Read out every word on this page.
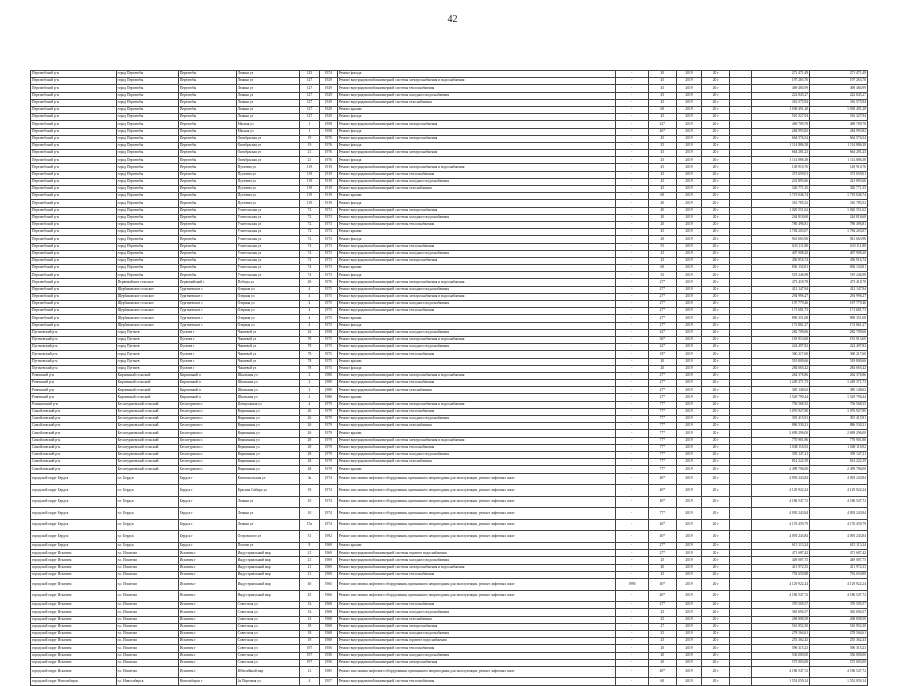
42
Перелюбский р-н	город Перелюбы	Перелюбы	Ленина ул	125	1974	Ремонт фасада	-	20	2019	20 г		271 471,49	271 471,49
Перелюбский р-н	город Перелюбы	Перелюбы	Ленина ул	127	1929	Ремонт внутридомовой инженерной системы электроснабжения и водоснабжения	-	45	2019	20 г		197 263,76	197 263,76
Перелюбский р-н	город Перелюбы	Перелюбы	Ленина ул	127	1929	Ремонт внутридомовой инженерной системы теплоснабжения	-	45	2019	20 г		469 484,99	469 484,99
Перелюбский р-н	город Перелюбы	Перелюбы	Ленина ул	127	1929	Ремонт внутридомовой инженерной системы холодного водоснабжения	-	45	2019	20 г		222 845,27	222 845,27
Перелюбский р-н	город Перелюбы	Перелюбы	Ленина ул	127	1929	Ремонт внутридомовой инженерной системы газоснабжения	-	45	2019	20 г		316 575,94	316 575,94
Перелюбский р-н	город Перелюбы	Перелюбы	Ленина ул	127	1929	Ремонт крыши	-	60	2019	20 г		1 038 491,28	1 038 491,28
Перелюбский р-н	город Перелюбы	Перелюбы	Ленина ул	127	1929	Ремонт фасада	-	45	2019	20 г		516 327,94	516 327,94
Перелюбский р-н	город Перелюбы	Перелюбы	Мясная ул	1	1958	Ремонт внутридомовой инженерной системы электроснабжения	-	22*	2019	20 г		469 709,78	469 709,78
Перелюбский р-н	город Перелюбы	Перелюбы	Мясная ул	1	1958	Ремонт фасада	-	46*	2019	20 г		284 993,82	284 993,82
Перелюбский р-н	город Перелюбы	Перелюбы	Октябрьская ул	19	1976	Ремонт внутридомовой инженерной системы электроснабжения	-	45	2019	20 г		664 576,54	664 576,54
Перелюбский р-н	город Перелюбы	Перелюбы	Октябрьская ул	19	1976	Ремонт фасада	-	25	2019	20 г		1 114 886,38	1 114 886,38
Перелюбский р-н	город Перелюбы	Перелюбы	Октябрьская ул	21	1976	Ремонт внутридомовой инженерной системы электроснабжения	-	45	2019	20 г		664 281,23	664 281,23
Перелюбский р-н	город Перелюбы	Перелюбы	Октябрьская ул	21	1976	Ремонт фасада	-	25	2019	20 г		1 114 886,38	1 114 886,38
Перелюбский р-н	город Перелюбы	Перелюбы	Пугачева ул	119	1919	Ремонт внутридомовой инженерной системы электроснабжения и водоснабжения	-	45	2019	20 г		149 910,76	149 910,76
Перелюбский р-н	город Перелюбы	Перелюбы	Пугачева ул	119	1919	Ремонт внутридомовой инженерной системы теплоснабжения	-	45	2019	20 г		373 659,01	373 659,01
Перелюбский р-н	город Перелюбы	Перелюбы	Пугачева ул	119	1919	Ремонт внутридомовой инженерной системы холодного водоснабжения	-	45	2019	20 г		241 893,66	241 893,66
Перелюбский р-н	город Перелюбы	Перелюбы	Пугачева ул	119	1919	Ремонт внутридомовой инженерной системы газоснабжения	-	45	2019	20 г		326 771,35	326 771,35
Перелюбский р-н	город Перелюбы	Перелюбы	Пугачева ул	119	1919	Ремонт крыши	-	60	2019	20 г		1 719 046,74	1 719 046,74
Перелюбский р-н	город Перелюбы	Перелюбы	Пугачева ул	119	1919	Ремонт фасада	-	40	2019	20 г		316 785,52	316 785,52
Перелюбский р-н	город Перелюбы	Перелюбы	Учительская ул	72	1973	Ремонт внутридомовой инженерной системы электроснабжения	-	40	2019	20 г		1 020 551,62	1 020 551,62
Перелюбский р-н	город Перелюбы	Перелюбы	Учительская ул	72	1973	Ремонт внутридомовой инженерной системы холодного водоснабжения	-	20	2019	20 г		244 818,68	244 818,68
Перелюбский р-н	город Перелюбы	Перелюбы	Учительская ул	72	1973	Ремонт внутридомовой инженерной системы теплоснабжения	-	20	2019	20 г		780 496,81	780 496,81
Перелюбский р-н	город Перелюбы	Перелюбы	Учительская ул	72	1973	Ремонт крыши	-	45	2019	20 г		1 784 203,07	1 784 203,07
Перелюбский р-н	город Перелюбы	Перелюбы	Учительская ул	72	1973	Ремонт фасада	-	20	2019	20 г		941 663,96	941 663,96
Перелюбский р-н	город Перелюбы	Перелюбы	Учительская ул	74	1973	Ремонт внутридомовой инженерной системы теплоснабжения	-	55	2019	20 г		633 111,80	633 111,80
Перелюбский р-н	город Перелюбы	Перелюбы	Учительская ул	74	1973	Ремонт внутридомовой инженерной системы холодного водоснабжения	-	25	2019	20 г		407 908,20	407 908,20
Перелюбский р-н	город Перелюбы	Перелюбы	Учительская ул	74	1973	Ремонт внутридомовой инженерной системы электроснабжения	-	25	2019	20 г		456 916,74	456 916,74
Перелюбский р-н	город Перелюбы	Перелюбы	Учительская ул	74	1973	Ремонт крыши	-	60	2019	20 г		836 134,81	836 134,81
Перелюбский р-н	город Перелюбы	Перелюбы	Учительская ул	74	1973	Ремонт фасада	-	35	2019	20 г		519 246,98	519 246,98
Перелюбский р-н	Первомайское сельское	Первомайский с	Победы ул	20	1976	Ремонт внутридомовой инженерной системы электроснабжения и водоснабжения	-	27*	2019	20 г		473 418,78	473 418,78
Перелюбский р-н	Щербаковское сельское	Тургеневское с	Озерная ул	4	1975	Ремонт внутридомовой инженерной системы холодного водоснабжения	-	27*	2019	20 г		412 147,94	412 147,94
Перелюбский р-н	Щербаковское сельское	Тургеневское с	Озерная ул	4	1975	Ремонт внутридомовой инженерной системы электроснабжения и водоснабжения	-	27*	2019	20 г		294 996,27	294 996,27
Перелюбский р-н	Щербаковское сельское	Тургеневское с	Озерная ул	4	1975	Ремонт внутридомовой инженерной системы холодного водоснабжения	-	27*	2019	20 г		197 779,46	197 779,46
Перелюбский р-н	Щербаковское сельское	Тургеневское с	Озерная ул	4	1975	Ремонт внутридомовой инженерной системы теплоснабжения	-	27*	2019	20 г		171 681,73	171 681,73
Перелюбский р-н	Щербаковское сельское	Тургеневское с	Озерная ул	4	1975	Ремонт крыши	-	27*	2019	20 г		896 351,08	896 351,08
Перелюбский р-н	Щербаковское сельское	Тургеневское с	Озерная ул	4	1975	Ремонт фасада	-	27*	2019	20 г		172 861,27	172 861,27
Пугачевский р-н	город Пугачев	Пугачев г	Чапаевой ул	24	1958	Ремонт внутридомовой инженерной системы холодного водоснабжения	-	42*	2019	20 г		282 709,66	282 709,66
Пугачевский р-н	город Пугачев	Пугачев г	Чапаевой ул	78	1975	Ремонт внутридомовой инженерной системы электроснабжения и водоснабжения	-	36*	2019	20 г		181 913,60	181 913,60
Пугачевский р-н	город Пугачев	Пугачев г	Чапаевой ул	78	1975	Ремонт внутридомовой инженерной системы холодного водоснабжения	-	22*	2019	20 г		224 497,82	224 497,82
Пугачевский р-н	город Пугачев	Пугачев г	Чапаевой ул	78	1975	Ремонт внутридомовой инженерной системы теплоснабжения	-	18*	2019	20 г		360 217,60	360 217,60
Пугачевский р-н	город Пугачев	Пугачев г	Чапаевой ул	78	1975	Ремонт крыши	-	20	2019	20 г		519 800,66	519 800,66
Пугачевский р-н	город Пугачев	Пугачев г	Чапаевой ул	78	1975	Ремонт фасада	-	20	2019	20 г		284 665,42	284 665,42
Ровенский р-н	Кирпичный сельский	Кирпичный п	Школьная ул	2	1980	Ремонт внутридомовой инженерной системы электроснабжения и водоснабжения	-	27*	2019	20 г		264 376,86	264 376,86
Ровенский р-н	Кирпичный сельский	Кирпичный п	Школьная ул	2	1980	Ремонт внутридомовой инженерной системы теплоснабжения	-	27*	2019	20 г		1 249 371,73	1 249 371,73
Ровенский р-н	Кирпичный сельский	Кирпичный п	Школьная ул	2	1980	Ремонт внутридомовой инженерной системы газоснабжения	-	27*	2019	20 г		385 148,62	385 148,62
Ровенский р-н	Кирпичный сельский	Кирпичный п	Школьная ул	2	1980	Ремонт крыши	-	27*	2019	20 г		1 529 790,44	1 529 790,44
Романовский р-н	Бесштурмовский сельский	Бесштурмово с	Центральная ул	4	1979	Ремонт внутридомовой инженерной системы электроснабжения и водоснабжения	-	77*	2019	20 г		756 568,35	756 568,35
Самойловский р-н	Бесштурмовский сельский	Бесштурмово с	Вершинная ул	26	1979	Ремонт внутридомовой инженерной системы теплоснабжения	-	77*	2019	20 г		1 076 927,80	1 076 927,80
Самойловский р-н	Бесштурмовский сельский	Бесштурмово с	Вершинная ул	26	1979	Ремонт внутридомовой инженерной системы холодного водоснабжения	-	77*	2019	20 г		391 415,91	391 415,91
Самойловский р-н	Бесштурмовский сельский	Бесштурмово с	Вершинная ул	26	1979	Ремонт внутридомовой инженерной системы газоснабжения	-	77*	2019	20 г		886 530,21	886 530,21
Самойловский р-н	Бесштурмовский сельский	Бесштурмово с	Вершинная ул	26	1979	Ремонт крыши	-	77*	2019	20 г		2 699 296,00	2 699 296,00
Самойловский р-н	Бесштурмовский сельский	Бесштурмово с	Вершинная ул	28	1979	Ремонт внутридомовой инженерной системы электроснабжения и водоснабжения	-	77*	2019	20 г		770 901,86	770 901,86
Самойловский р-н	Бесштурмовский сельский	Бесштурмово с	Вершинная ул	28	1979	Ремонт внутридомовой инженерной системы теплоснабжения	-	77*	2019	20 г		1 048 116,92	1 048 116,92
Самойловский р-н	Бесштурмовский сельский	Бесштурмово с	Вершинная ул	28	1979	Ремонт внутридомовой инженерной системы холодного водоснабжения	-	77*	2019	20 г		359 147,21	359 147,21
Самойловский р-н	Бесштурмовский сельский	Бесштурмово с	Вершинная ул	28	1979	Ремонт внутридомовой инженерной системы газоснабжения	-	77*	2019	20 г		814 222,39	814 222,39
Самойловский р-н	Бесштурмовский сельский	Бесштурмово с	Вершинная ул	28	1979	Ремонт крыши	-	77*	2019	20 г		2 499 796,00	2 499 796,00
городской округ Бердск	г.о. Бердск	Бердск г	Комсомольская ул	3а	1974	Ремонт или замена лифтового оборудования, признанного непригодным для эксплуатации, ремонт лифтовых шахт	-	40*	2019	20 г		4 093 243,84	4 093 243,84
городской округ Бердск	г.о. Бердск	Бердск г	Красная Сибирь ул	18	1974	Ремонт или замена лифтового оборудования, признанного непригодным для эксплуатации, ремонт лифтовых шахт	-	40*	2019	20 г		4 129 922,24	4 129 922,24
городской округ Бердск	г.о. Бердск	Бердск г	Ленина ул	10	1974	Ремонт или замена лифтового оборудования, признанного непригодным для эксплуатации, ремонт лифтовых шахт	-	40*	2019	20 г		4 186 547,72	4 186 547,72
городской округ Бердск	г.о. Бердск	Бердск г	Ленина ул	10	1974	Ремонт или замена лифтового оборудования, признанного непригодным для эксплуатации, ремонт лифтовых шахт	-	77*	2019	20 г		4 093 243,84	4 093 243,84
городской округ Бердск	г.о. Бердск	Бердск г	Ленина ул	15а	1974	Ремонт или замена лифтового оборудования, признанного непригодным для эксплуатации, ремонт лифтовых шахт	-	40*	2019	20 г		4 176 459,79	4 176 459,79
городской округ Бердск	г.о. Бердск	Бердск г	Островского ул	51	1992	Ремонт или замена лифтового оборудования, признанного непригодным для эксплуатации, ремонт лифтовых шахт	-	40*	2019	20 г		4 093 243,84	4 093 243,84
городской округ Бердск	г.о. Бердск	Бердск г	Попова ул	8	1969	Ремонт крыши	-	27*	2019	20 г		615 113,24	615 113,24
городской округ Искитим	г.о. Искитим	Искитим г	Индустриальный мкр	21	1969	Ремонт внутридомовой инженерной системы горячего водоснабжения	-	27*	2019	20 г		471 687,42	471 687,42
городской округ Искитим	г.о. Искитим	Искитим г	Индустриальный мкр	21	1969	Ремонт внутридомовой инженерной системы холодного водоснабжения	-	25	2019	20 г		449 087,75	449 087,75
городской округ Искитим	г.о. Искитим	Искитим г	Индустриальный мкр	21	1969	Ремонт внутридомовой инженерной системы электроснабжения и водоснабжения	-	40	2019	20 г		411 972,33	411 972,33
городской округ Искитим	г.о. Искитим	Искитим г	Индустриальный мкр	21	1969	Ремонт внутридомовой инженерной системы теплоснабжения	-	45	2019	20 г		792 650,88	792 650,88
городской округ Искитим	г.о. Искитим	Искитим г	Индустриальный мкр	40	1965	Ремонт или замена лифтового оборудования, признанного непригодным для эксплуатации, ремонт лифтовых шахт	1990	40*	2019	20 г		4 129 922,24	4 129 922,24
городской округ Искитим	г.о. Искитим	Искитим г	Индустриальный мкр	45	1966	Ремонт или замена лифтового оборудования, признанного непригодным для эксплуатации, ремонт лифтовых шахт	-	40*	2019	20 г		4 186 547,72	4 186 547,72
городской округ Искитим	г.о. Искитим	Искитим г	Советская ул	14	1968	Ремонт внутридомовой инженерной системы теплоснабжения	-	27*	2019	20 г		370 505,57	370 505,57
городской округ Искитим	г.о. Искитим	Искитим г	Советская ул	14	1968	Ремонт внутридомовой инженерной системы холодного водоснабжения	-	25	2019	20 г		365 694,57	365 694,57
городской округ Искитим	г.о. Искитим	Искитим г	Советская ул	14	1968	Ремонт внутридомовой инженерной системы газоснабжения	-	25	2019	20 г		268 808,58	268 808,58
городской округ Искитим	г.о. Искитим	Искитим г	Советская ул	18	1968	Ремонт внутридомовой инженерной системы электроснабжения	-	27	2019	20 г		516 952,30	516 952,30
городской округ Искитим	г.о. Искитим	Искитим г	Советская ул	18	1968	Ремонт внутридомовой инженерной системы холодного водоснабжения	-	25	2019	20 г		278 564,61	278 564,61
городской округ Искитим	г.о. Искитим	Искитим г	Советская ул	18	1968	Ремонт внутридомовой инженерной системы горячего водоснабжения	-	25	2019	20 г		255 362,43	255 362,43
городской округ Искитим	г.о. Искитим	Искитим г	Советская ул	197	1956	Ремонт внутридомовой инженерной системы теплоснабжения	-	20	2019	20 г		596 315,23	596 315,23
городской округ Искитим	г.о. Искитим	Искитим г	Советская ул	197	1956	Ремонт внутридомовой инженерной системы холодного водоснабжения	-	20	2019	20 г		536 000,00	536 000,00
городской округ Искитим	г.о. Искитим	Искитим г	Советская ул	197	1956	Ремонт внутридомовой инженерной системы электроснабжения	-	20	2019	20 г		575 003,00	575 003,00
городской округ Искитим	г.о. Искитим	Искитим г	Юбилейный мкр	12	1985	Ремонт или замена лифтового оборудования, признанного непригодным для эксплуатации, ремонт лифтовых шахт	-	40*	2019	20 г		4 186 547,72	4 186 547,72
городской округ Новосибирск	г.о. Новосибирск	Новосибирск г	2я Портовая ул	4	1957	Ремонт внутридомовой инженерной системы теплоснабжения	-	60	2019	20 г		1 552 059,14	1 552 059,14
